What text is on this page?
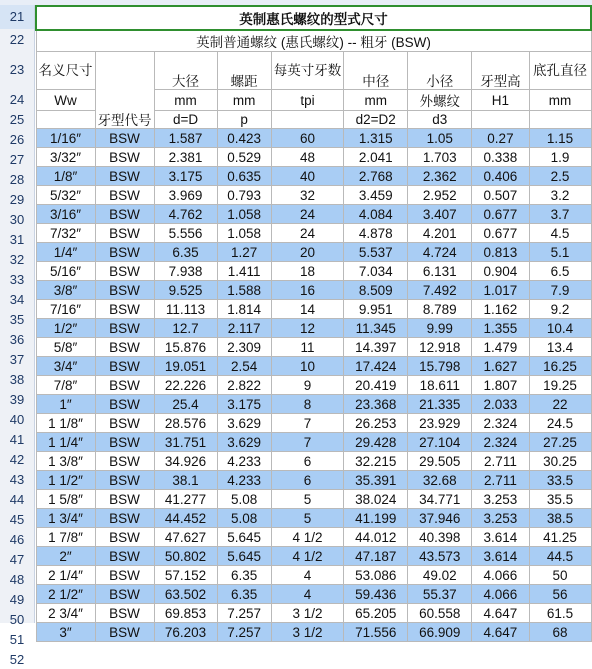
21
22
23
24
25
26
27
28
29
30
31
32
33
34
35
36
37
38
39
40
41
42
43
44
45
46
47
48
49
50
51
52
英制惠氏螺纹的型式尺寸								
英制普通螺纹 (惠氏螺纹) -- 粗牙 (BSW)								
名义尺寸	牙型代号	大径	螺距	每英寸牙数	中径	小径	牙型高	底孔直径
Ww		mm	mm	tpi	mm	外螺纹	H1	mm
		d=D	p		d2=D2	d3		
1/16″	BSW	1.587	0.423	60	1.315	1.05	0.27	1.15
3/32″	BSW	2.381	0.529	48	2.041	1.703	0.338	1.9
1/8″	BSW	3.175	0.635	40	2.768	2.362	0.406	2.5
5/32″	BSW	3.969	0.793	32	3.459	2.952	0.507	3.2
3/16″	BSW	4.762	1.058	24	4.084	3.407	0.677	3.7
7/32″	BSW	5.556	1.058	24	4.878	4.201	0.677	4.5
1/4″	BSW	6.35	1.27	20	5.537	4.724	0.813	5.1
5/16″	BSW	7.938	1.411	18	7.034	6.131	0.904	6.5
3/8″	BSW	9.525	1.588	16	8.509	7.492	1.017	7.9
7/16″	BSW	11.113	1.814	14	9.951	8.789	1.162	9.2
1/2″	BSW	12.7	2.117	12	11.345	9.99	1.355	10.4
5/8″	BSW	15.876	2.309	11	14.397	12.918	1.479	13.4
3/4″	BSW	19.051	2.54	10	17.424	15.798	1.627	16.25
7/8″	BSW	22.226	2.822	9	20.419	18.611	1.807	19.25
1″	BSW	25.4	3.175	8	23.368	21.335	2.033	22
1 1/8″	BSW	28.576	3.629	7	26.253	23.929	2.324	24.5
1 1/4″	BSW	31.751	3.629	7	29.428	27.104	2.324	27.25
1 3/8″	BSW	34.926	4.233	6	32.215	29.505	2.711	30.25
1 1/2″	BSW	38.1	4.233	6	35.391	32.68	2.711	33.5
1 5/8″	BSW	41.277	5.08	5	38.024	34.771	3.253	35.5
1 3/4″	BSW	44.452	5.08	5	41.199	37.946	3.253	38.5
1 7/8″	BSW	47.627	5.645	4 1/2	44.012	40.398	3.614	41.25
2″	BSW	50.802	5.645	4 1/2	47.187	43.573	3.614	44.5
2 1/4″	BSW	57.152	6.35	4	53.086	49.02	4.066	50
2 1/2″	BSW	63.502	6.35	4	59.436	55.37	4.066	56
2 3/4″	BSW	69.853	7.257	3 1/2	65.205	60.558	4.647	61.5
3″	BSW	76.203	7.257	3 1/2	71.556	66.909	4.647	68
